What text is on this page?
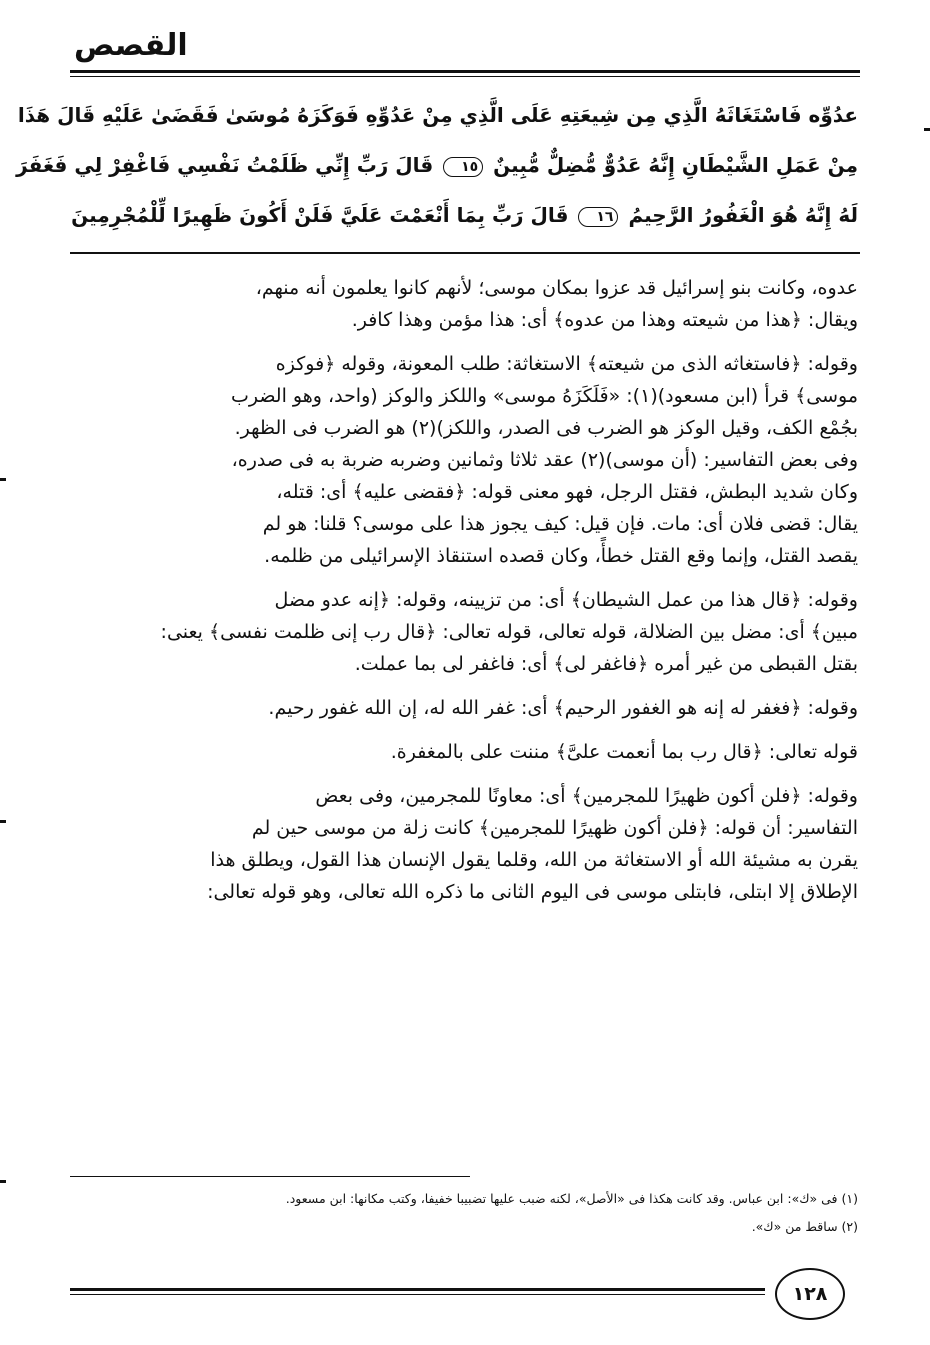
القصص
عدُوِّه فَاسْتَغَاثَهُ الَّذِي مِن شِيعَتِهِ عَلَى الَّذِي مِنْ عَدُوِّهِ فَوَكَزَهُ مُوسَىٰ فَقَضَىٰ عَلَيْهِ قَالَ هَذَا
مِنْ عَمَلِ الشَّيْطَانِ إِنَّهُ عَدُوٌّ مُّضِلٌّ مُّبِينٌ ١٥ قَالَ رَبِّ إِنِّي ظَلَمْتُ نَفْسِي فَاغْفِرْ لِي فَغَفَرَ
لَهُ إِنَّهُ هُوَ الْغَفُورُ الرَّحِيمُ ١٦ قَالَ رَبِّ بِمَا أَنْعَمْتَ عَلَيَّ فَلَنْ أَكُونَ ظَهِيرًا لِّلْمُجْرِمِينَ

عدوه، وكانت بنو إسرائيل قد عزوا بمكان موسى؛ لأنهم كانوا يعلمون أنه منهم،

ويقال: ﴿هذا من شيعته وهذا من عدوه﴾ أى: هذا مؤمن وهذا كافر.

وقوله: ﴿فاستغاثه الذى من شيعته﴾ الاستغاثة: طلب المعونة، وقوله ﴿فوكزه

موسى﴾ قرأ (ابن مسعود)(١): «فَلَكَزَهُ موسى» واللكز والوكز (واحد، وهو الضرب

بجُمْع الكف، وقيل الوكز هو الضرب فى الصدر، واللكز)(٢) هو الضرب فى الظهر.

وفى بعض التفاسير: (أن موسى)(٢) عقد ثلاثا وثمانين وضربه ضربة به فى صدره،

وكان شديد البطش، فقتل الرجل، فهو معنى قوله: ﴿فقضى عليه﴾ أى: قتله،

يقال: قضى فلان أى: مات. فإن قيل: كيف يجوز هذا على موسى؟ قلنا: هو لم

يقصد القتل، وإنما وقع القتل خطأً، وكان قصده استنقاذ الإسرائيلى من ظلمه.

وقوله: ﴿قال هذا من عمل الشيطان﴾ أى: من تزيينه، وقوله: ﴿إنه عدو مضل

مبين﴾ أى: مضل بين الضلالة، قوله تعالى، قوله تعالى: ﴿قال رب إنى ظلمت نفسى﴾ يعنى:

بقتل القبطى من غير أمره ﴿فاغفر لى﴾ أى: فاغفر لى بما عملت.

وقوله: ﴿فغفر له إنه هو الغفور الرحيم﴾ أى: غفر الله له، إن الله غفور رحيم.

قوله تعالى: ﴿قال رب بما أنعمت علىَّ﴾ مننت على بالمغفرة.

وقوله: ﴿فلن أكون ظهيرًا للمجرمين﴾ أى: معاونًا للمجرمين، وفى بعض

التفاسير: أن قوله: ﴿فلن أكون ظهيرًا للمجرمين﴾ كانت زلة من موسى حين لم

يقرن به مشيئة الله أو الاستغاثة من الله، وقلما يقول الإنسان هذا القول، ويطلق هذا

الإطلاق إلا ابتلى، فابتلى موسى فى اليوم الثانى ما ذكره الله تعالى، وهو قوله تعالى:

(١) فى «ك»: ابن عباس. وقد كانت هكذا فى «الأصل»، لكنه ضبب عليها تضبيبا خفيفا، وكتب مكانها: ابن مسعود.

(٢) ساقط من «ك».

١٢٨
